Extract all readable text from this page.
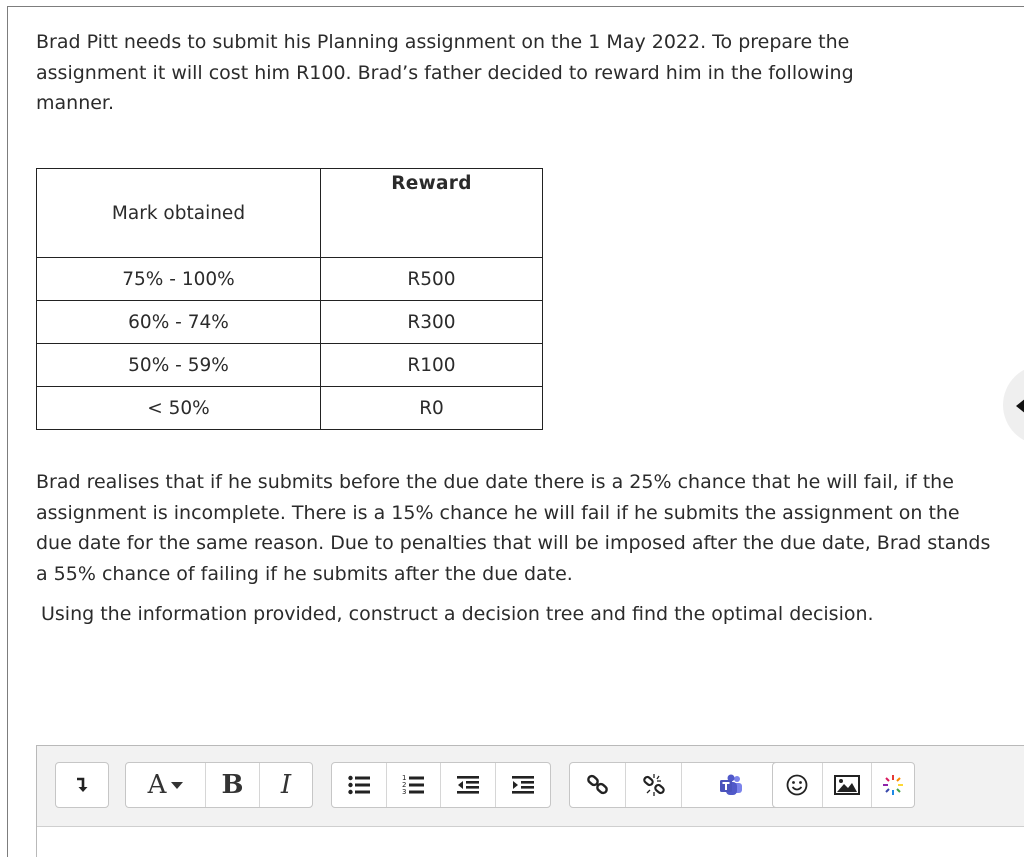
Brad Pitt needs to submit his Planning assignment on the 1 May 2022. To prepare the assignment it will cost him R100. Brad’s father decided to reward him in the following manner.

Mark obtained	Reward
75% - 100%	R500
60% - 74%	R300
50% - 59%	R100
< 50%	R0

Brad realises that if he submits before the due date there is a 25% chance that he will fail, if the assignment is incomplete. There is a 15% chance he will fail if he submits the assignment on the due date for the same reason. Due to penalties that will be imposed after the due date, Brad stands a 55% chance of failing if he submits after the due date.

Using the information provided, construct a decision tree and find the optimal decision.

A B I	1
2
3
